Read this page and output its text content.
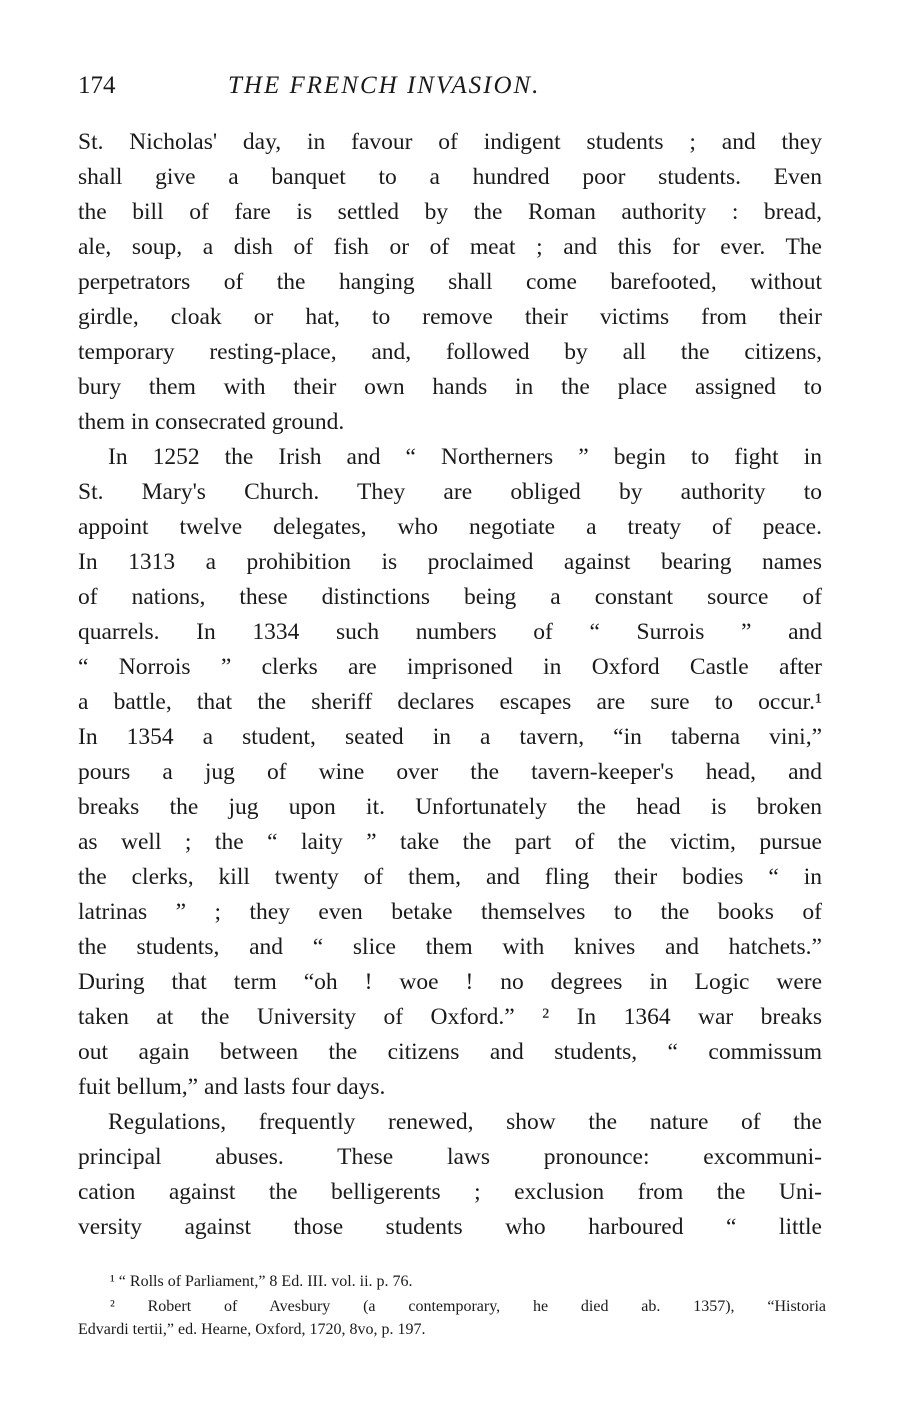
174	THE FRENCH INVASION.
St. Nicholas' day, in favour of indigent students ; and they
shall give a banquet to a hundred poor students. Even
the bill of fare is settled by the Roman authority : bread,
ale, soup, a dish of fish or of meat ; and this for ever. The
perpetrators of the hanging shall come barefooted, without
girdle, cloak or hat, to remove their victims from their
temporary resting-place, and, followed by all the citizens,
bury them with their own hands in the place assigned to
them in consecrated ground.
In 1252 the Irish and “ Northerners ” begin to fight in
St. Mary's Church. They are obliged by authority to
appoint twelve delegates, who negotiate a treaty of peace.
In 1313 a prohibition is proclaimed against bearing names
of nations, these distinctions being a constant source of
quarrels. In 1334 such numbers of “ Surrois ” and
“ Norrois ” clerks are imprisoned in Oxford Castle after
a battle, that the sheriff declares escapes are sure to occur.¹
In 1354 a student, seated in a tavern, “in taberna vini,”
pours a jug of wine over the tavern-keeper's head, and
breaks the jug upon it. Unfortunately the head is broken
as well ; the “ laity ” take the part of the victim, pursue
the clerks, kill twenty of them, and fling their bodies “ in
latrinas ” ; they even betake themselves to the books of
the students, and “ slice them with knives and hatchets.”
During that term “oh ! woe ! no degrees in Logic were
taken at the University of Oxford.” ² In 1364 war breaks
out again between the citizens and students, “ commissum
fuit bellum,” and lasts four days.
Regulations, frequently renewed, show the nature of the
principal abuses. These laws pronounce: excommuni-
cation against the belligerents ; exclusion from the Uni-
versity against those students who harboured “ little
¹ “ Rolls of Parliament,” 8 Ed. III. vol. ii. p. 76.
² Robert of Avesbury (a contemporary, he died ab. 1357), “Historia
Edvardi tertii,” ed. Hearne, Oxford, 1720, 8vo, p. 197.
